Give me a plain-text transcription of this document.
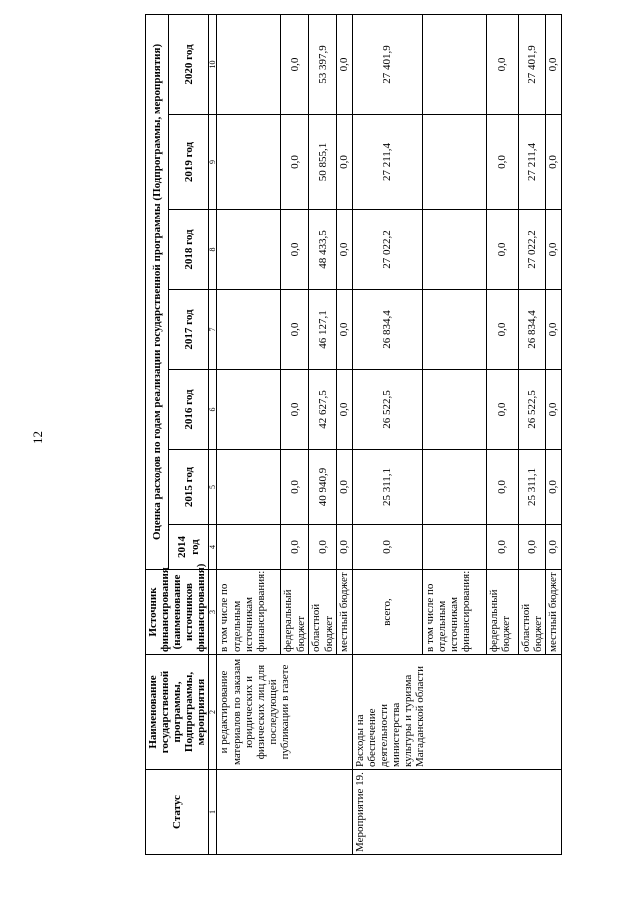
12
Статус	Наименование государственной программы, Подпрограммы, мероприятия	Источник финансирования (наименование источников финансирования)	Оценка расходов по годам реализации государственной программы (Подпрограммы, мероприятия)						
			2014 год	2015 год	2016 год	2017 год	2018 год	2019 год	2020 год
1	2	3	4	5	6	7	8	9	10
	и редактирование материалов по заказам юридических и физических лиц для последующей публикации в газете	в том числе по отдельным источникам финансирования:							
		федеральный бюджет	0,0	0,0	0,0	0,0	0,0	0,0	0,0
		областной бюджет	0,0	40 940,9	42 627,5	46 127,1	48 433,5	50 855,1	53 397,9
		местный бюджет	0,0	0,0	0,0	0,0	0,0	0,0	0,0
Мероприятие 19.	Расходы на обеспечение деятельности министерства культуры и туризма Магаданской области	всего,	0,0	25 311,1	26 522,5	26 834,4	27 022,2	27 211,4	27 401,9
		в том числе по отдельным источникам финансирования:							
		федеральный бюджет	0,0	0,0	0,0	0,0	0,0	0,0	0,0
		областной бюджет	0,0	25 311,1	26 522,5	26 834,4	27 022,2	27 211,4	27 401,9
		местный бюджет	0,0	0,0	0,0	0,0	0,0	0,0	0,0
